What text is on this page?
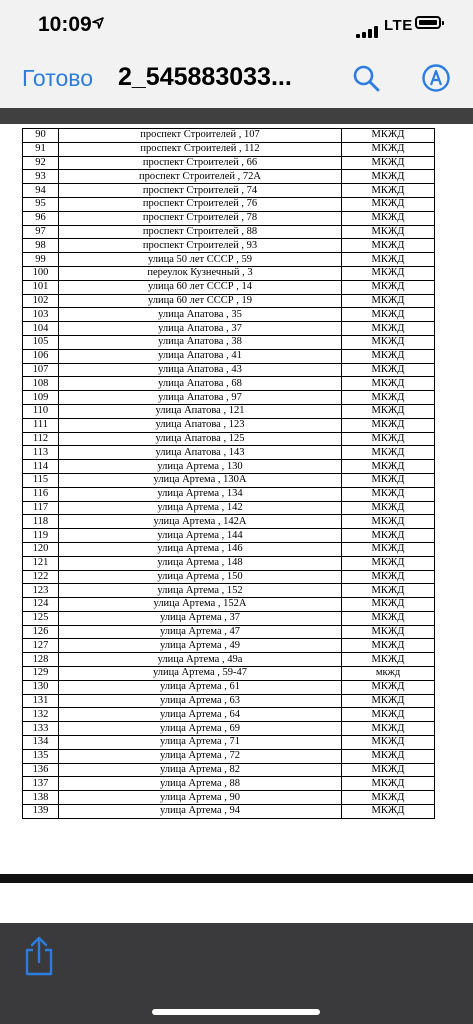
10:09	LTE
Готово 2_545883033...
90	проспект Строителей , 107	МКЖД
91	проспект Строителей , 112	МКЖД
92	проспект Строителей , 66	МКЖД
93	проспект Строителей , 72А	МКЖД
94	проспект Строителей , 74	МКЖД
95	проспект Строителей , 76	МКЖД
96	проспект Строителей , 78	МКЖД
97	проспект Строителей , 88	МКЖД
98	проспект Строителей , 93	МКЖД
99	улица 50 лет СССР , 59	МКЖД
100	переулок Кузнечный , 3	МКЖД
101	улица 60 лет СССР , 14	МКЖД
102	улица 60 лет СССР , 19	МКЖД
103	улица Апатова , 35	МКЖД
104	улица Апатова , 37	МКЖД
105	улица Апатова , 38	МКЖД
106	улица Апатова , 41	МКЖД
107	улица Апатова , 43	МКЖД
108	улица Апатова , 68	МКЖД
109	улица Апатова , 97	МКЖД
110	улица Апатова , 121	МКЖД
111	улица Апатова , 123	МКЖД
112	улица Апатова , 125	МКЖД
113	улица Апатова , 143	МКЖД
114	улица Артема , 130	МКЖД
115	улица Артема , 130А	МКЖД
116	улица Артема , 134	МКЖД
117	улица Артема , 142	МКЖД
118	улица Артема , 142А	МКЖД
119	улица Артема , 144	МКЖД
120	улица Артема , 146	МКЖД
121	улица Артема , 148	МКЖД
122	улица Артема , 150	МКЖД
123	улица Артема , 152	МКЖД
124	улица Артема , 152А	МКЖД
125	улица Артема , 37	МКЖД
126	улица Артема , 47	МКЖД
127	улица Артема , 49	МКЖД
128	улица Артема , 49а	МКЖД
129	улица Артема , 59-47	мкжд
130	улица Артема , 61	МКЖД
131	улица Артема , 63	МКЖД
132	улица Артема , 64	МКЖД
133	улица Артема , 69	МКЖД
134	улица Артема , 71	МКЖД
135	улица Артема , 72	МКЖД
136	улица Артема , 82	МКЖД
137	улица Артема , 88	МКЖД
138	улица Артема , 90	МКЖД
139	улица Артема , 94	МКЖД
